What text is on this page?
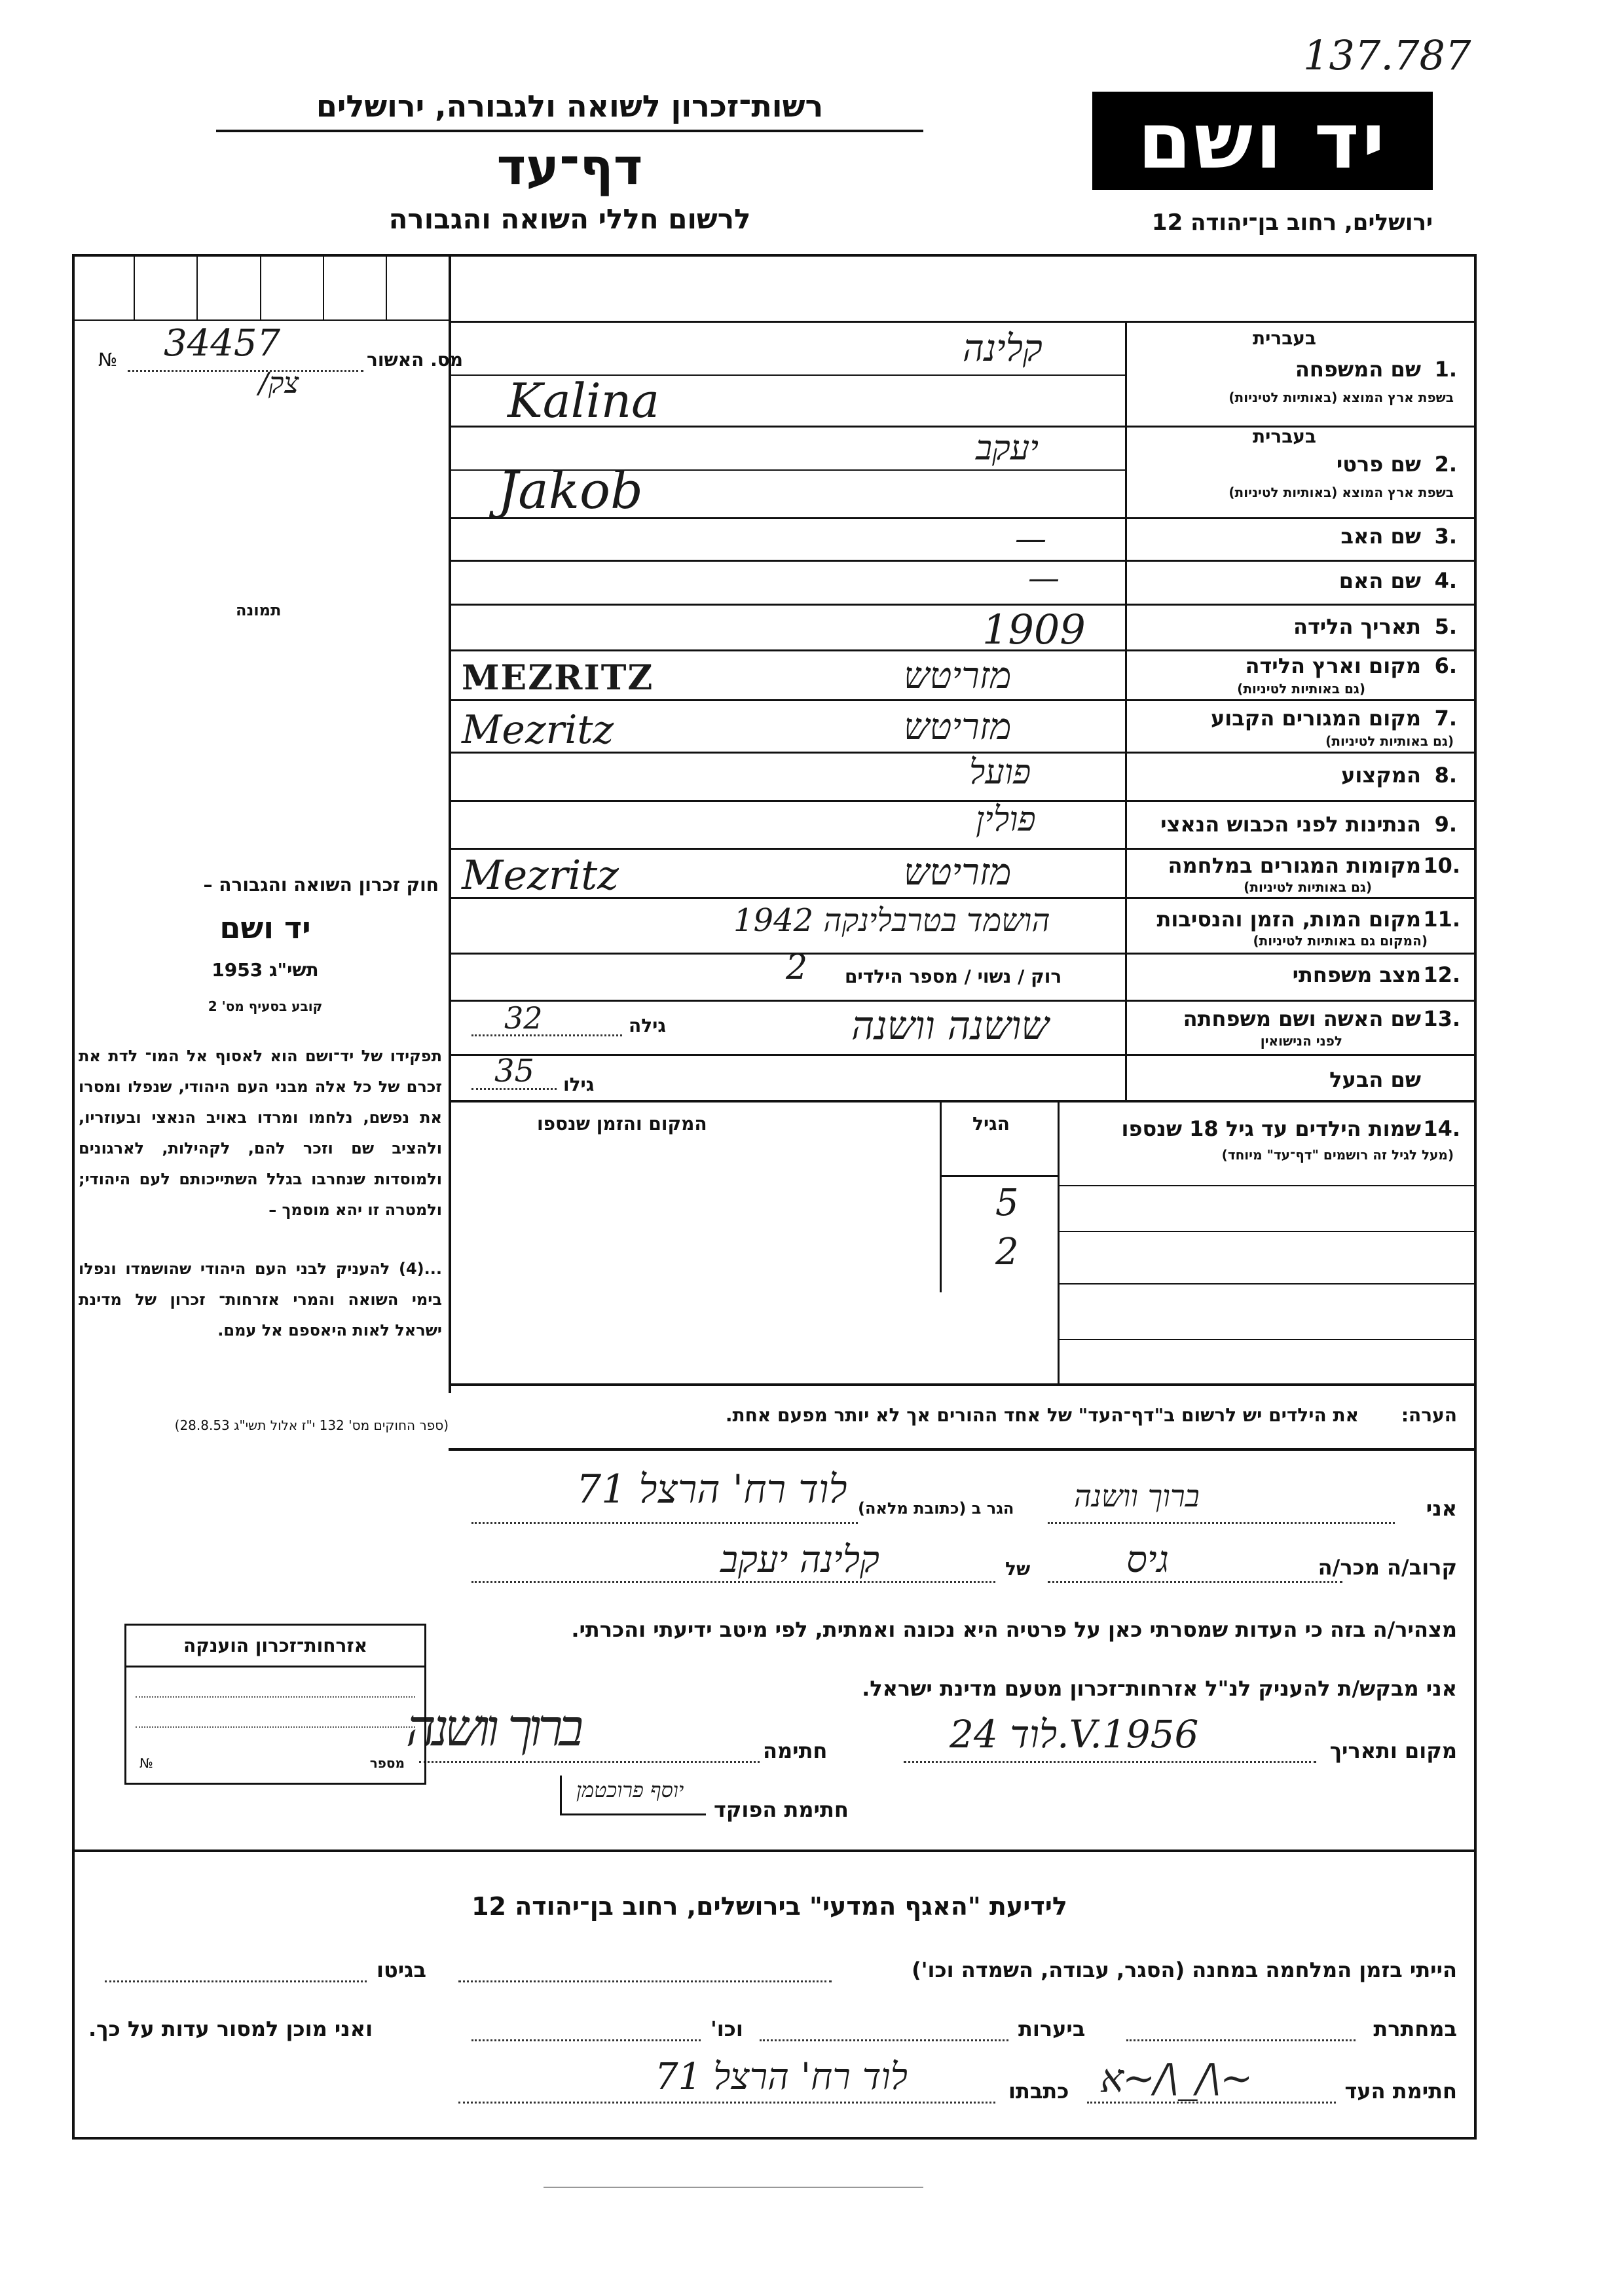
137.787
יד ושם
רשות־זכרון לשואה ולגבורה, ירושלים
דף־עד
לרשום חללי השואה והגבורה	ירושלים, רחוב בן־יהודה 12
מס. האשור
№ 34457
/צק
תמונה
בעברית
1.
שם המשפחה
בשפת ארץ המוצא (באותיות לטיניות)
קלינה
Kalina
בעברית
2.
שם פרטי
בשפת ארץ המוצא (באותיות לטיניות)
יעקב
Jakob
3.
שם האב
—
4.
שם האם
—
5.
תאריך הלידה
1909
6.
מקום וארץ הלידה
(גם באותיות לטיניות)
מזריטש
MEZRITZ
7.
מקום המגורים הקבוע
(גם באותיות לטיניות)
מזריטש
Mezritz
8.
המקצוע
פועל
9.
הנתינות לפני הכבוש הנאצי
פולין
10.
מקומות המגורים במלחמה
(גם באותיות לטיניות)
מזריטש
Mezritz
11.
מקום המות, הזמן והנסיבות
(המקום גם באותיות לטיניות)
הושמד בטרבלינקה 1942
12.
מצב משפחתי
רוק / נשוי / מספר הילדים
2
13.
שם האשה ושם משפחתה
לפני הנישואין
גילה
32	שושנה וושנה
שם הבעל
גילו
35
14.
שמות הילדים עד גיל 18 שנספו
(מעל לגיל זה רושמים "דף־עד" מיוחד)
הגיל
המקום והזמן שנספו
5
2
חוק זכרון השואה והגבורה –
יד ושם
תשי"ג 1953
קובע בסעיף מס' 2
תפקידו של יד־ושם הוא לאסוף אל המו־ לדת את זכרם של כל אלה מבני העם היהודי, שנפלו ומסרו את נפשם, נלחמו ומרדו באויב הנאצי ובעוזריו, ולהציב שם וזכר להם, לקהילות, לארגונים ולמוסדות שנחרבו בגלל השתייכותם לעם היהודי; ולמטרה זו יהא מוסמך –
...(4) להעניק לבני העם היהודי שהושמדו ונפלו בימי השואה והמרי אזרחות־ זכרון של מדינת ישראל לאות היאספם אל עמם.
(ספר החוקים מס' 132 י"ז אלול תשי"ג 28.8.53)	הערה:
את הילדים יש לרשום ב"דף־העד" של אחד ההורים אך לא יותר מפעם אחת.
אני
ברוך וושנה
הגר ב (כתובת מלאה)
לוד רח' הרצל 71
קרוב/ה מכר/ה
גיס
של
קלינה יעקב
מצהיר/ה בזה כי העדות שמסרתי כאן על פרטיה היא נכונה ואמתית, לפי מיטב ידיעתי והכרתי.
אני מבקש/ת להעניק לנ"ל אזרחות־זכרון מטעם מדינת ישראל.
מקום ותאריך
לוד 24.V.1956
חתימה
ברוך וושנה
חתימת הפוקד
יוסף פרוכטמן
אזרחות־זכרון הוענקה
מספר
№
לידיעת "האגף המדעי" בירושלים, רחוב בן־יהודה 12
הייתי בזמן המלחמה במחנה (הסגר, עבודה, השמדה וכו')
בגיטו
במחתרת
ביערות
וכו'
ואני מוכן למסור עדות על כך.
חתימת העד
ﬡ~/\_/\~
כתבתו
לוד רח' הרצל 71
